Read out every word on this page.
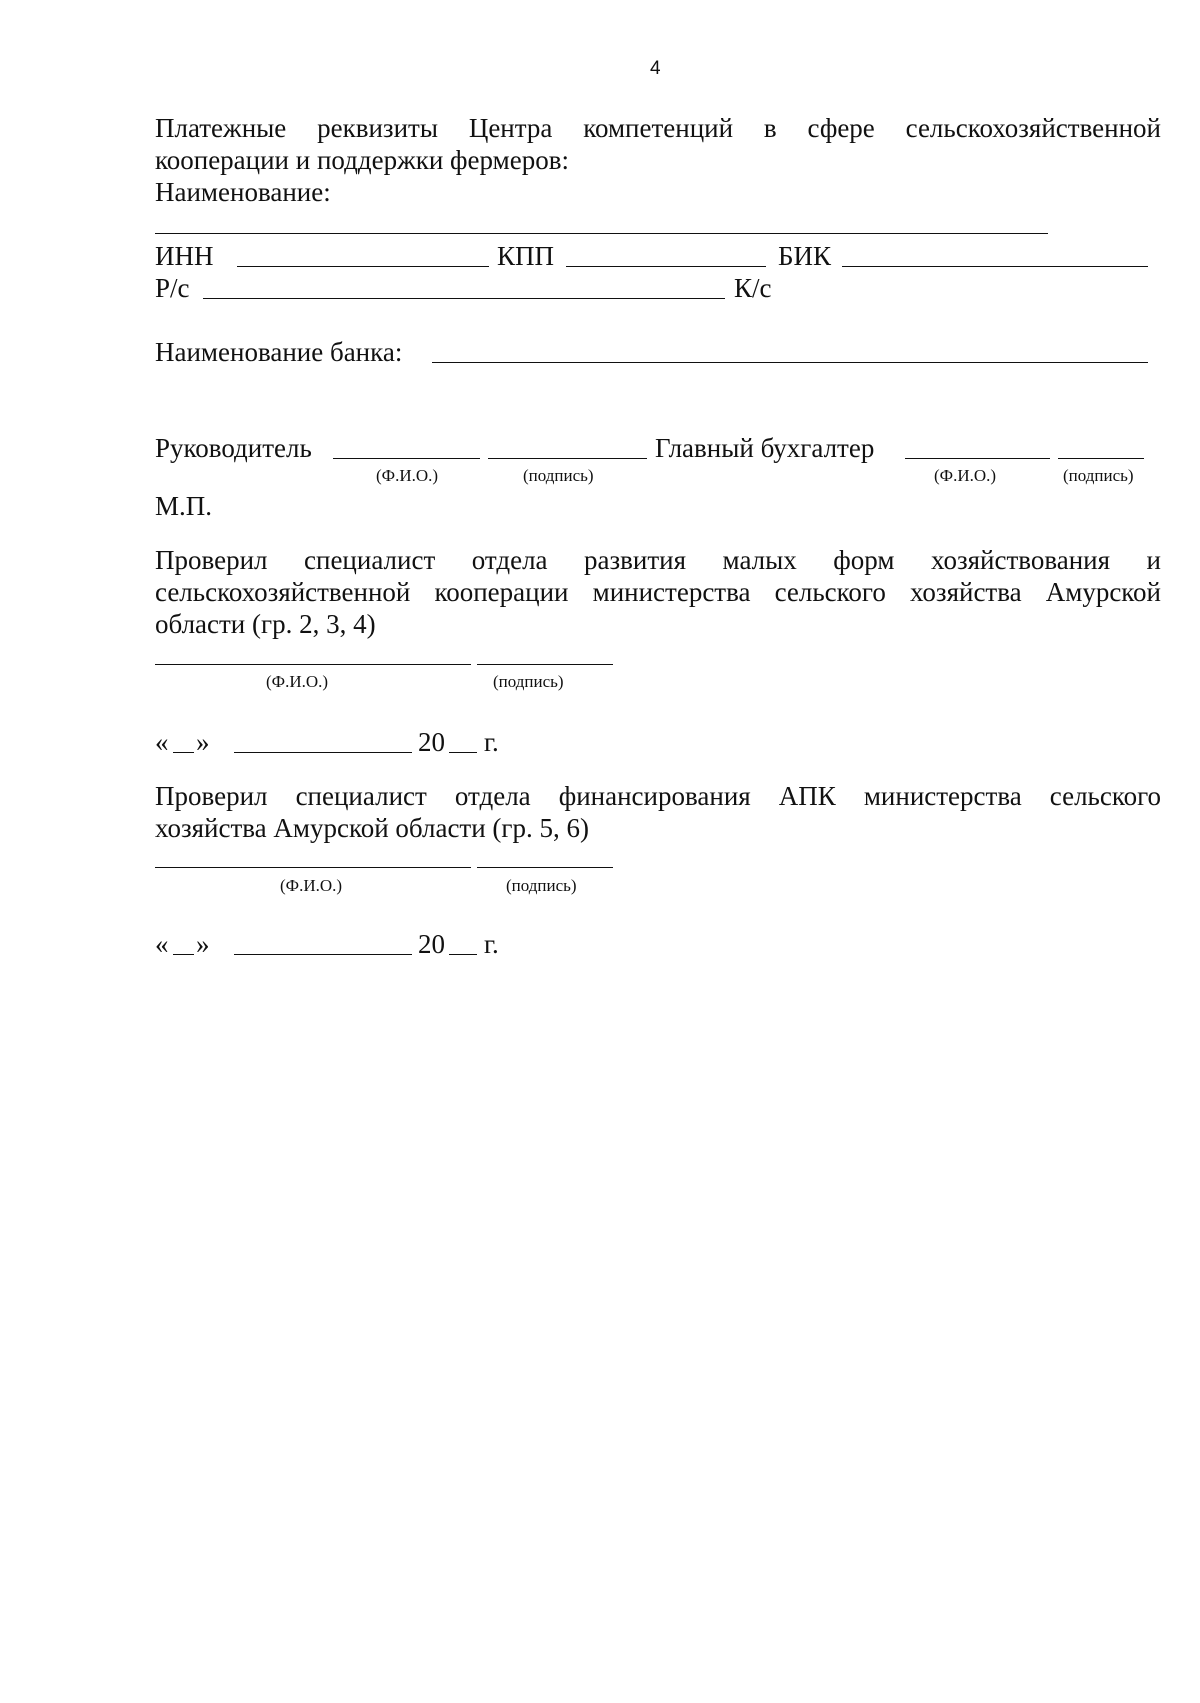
4
Платежные реквизиты Центра компетенций в сфере сельскохозяйственной
кооперации и поддержки фермеров:
Наименование:
ИНН	КПП	БИК
Р/с	К/с
Наименование банка:
Руководитель	Главный бухгалтер
(Ф.И.О.)	(подпись)	(Ф.И.О.)	(подпись)
М.П.
Проверил специалист отдела развития малых форм хозяйствования и
сельскохозяйственной кооперации министерства сельского хозяйства Амурской
области (гр. 2, 3, 4)
(Ф.И.О.)	(подпись)
« »	20 г.
Проверил специалист отдела финансирования АПК министерства сельского
хозяйства Амурской области (гр. 5, 6)
(Ф.И.О.)	(подпись)
« »	20 г.
